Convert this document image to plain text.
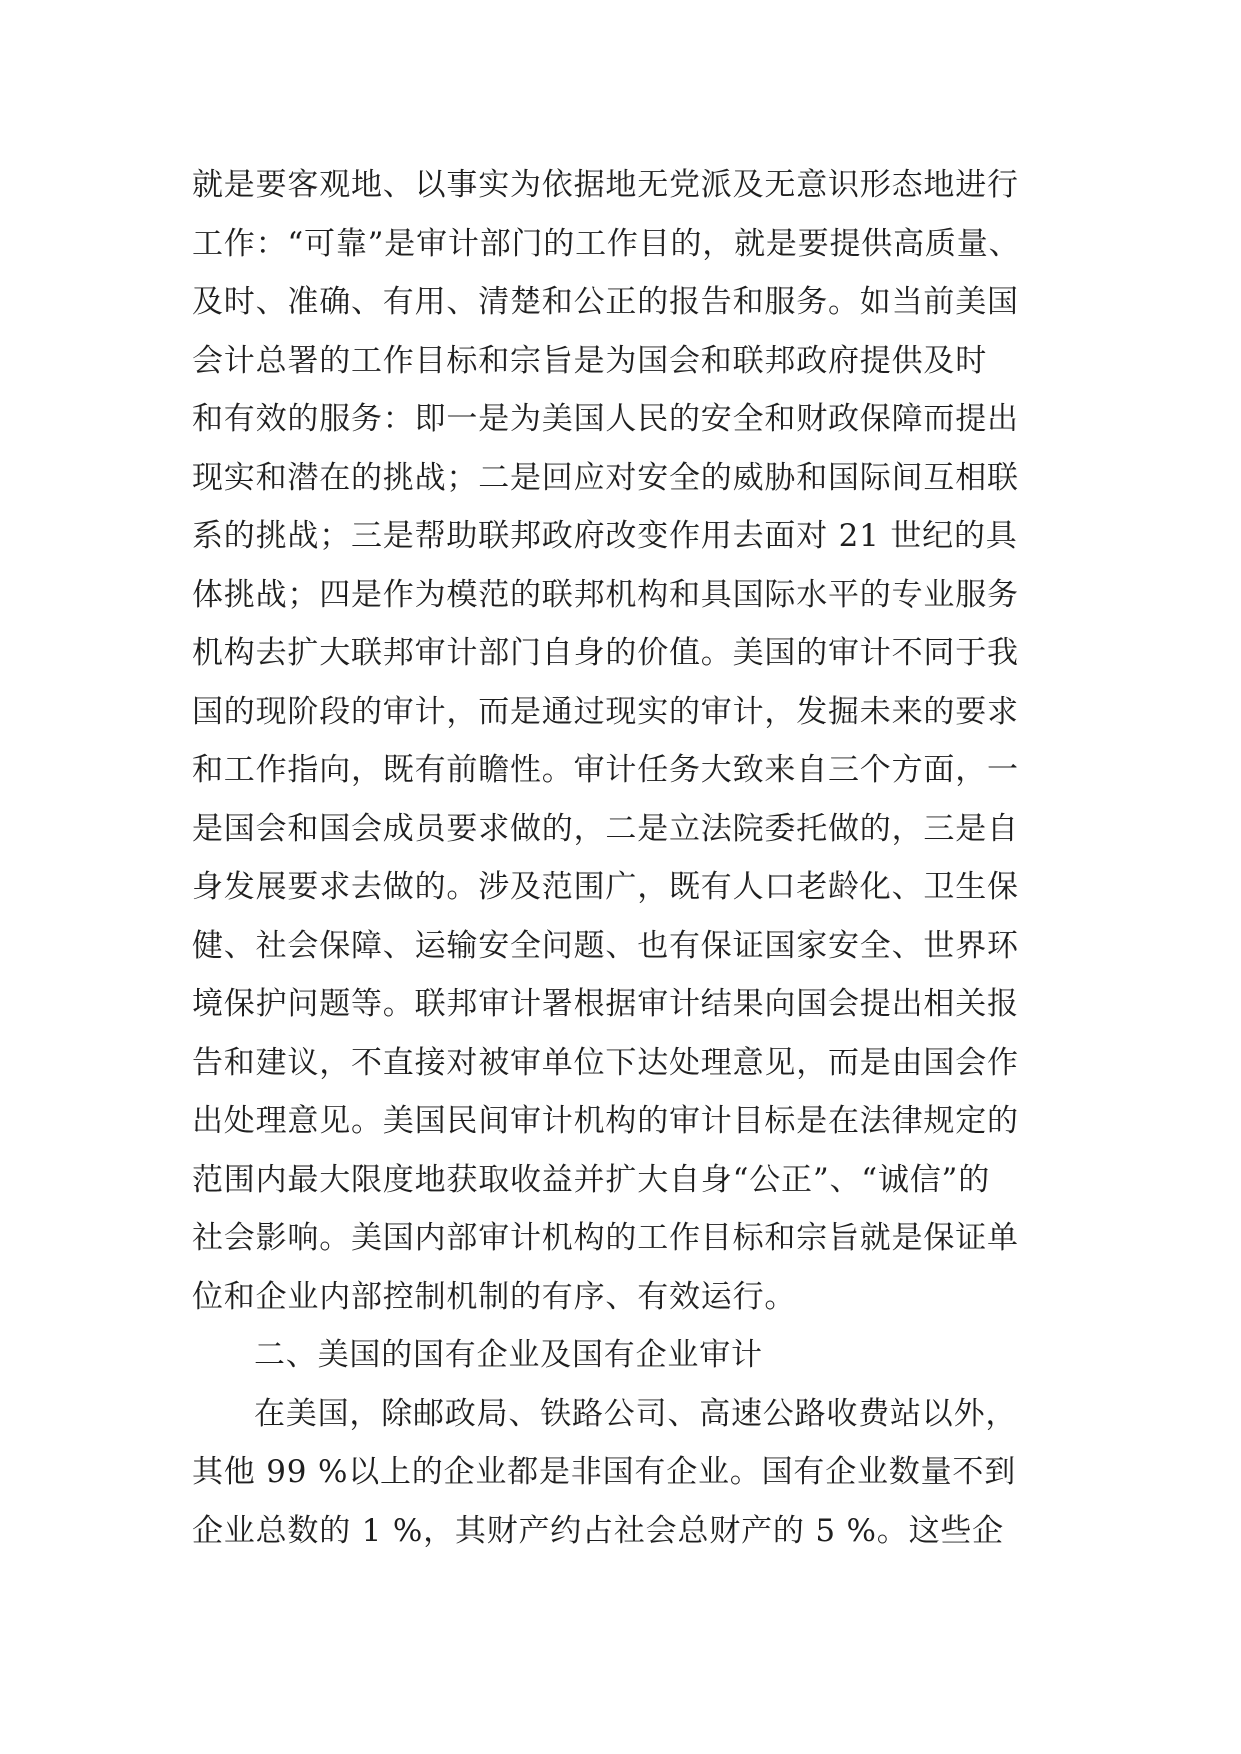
就是要客观地、以事实为依据地无党派及无意识形态地进行
工作：“可靠”是审计部门的工作目的，就是要提供高质量、
及时、准确、有用、清楚和公正的报告和服务。如当前美国
会计总署的工作目标和宗旨是为国会和联邦政府提供及时
和有效的服务：即一是为美国人民的安全和财政保障而提出
现实和潜在的挑战；二是回应对安全的威胁和国际间互相联
系的挑战；三是帮助联邦政府改变作用去面对 21 世纪的具
体挑战；四是作为模范的联邦机构和具国际水平的专业服务
机构去扩大联邦审计部门自身的价值。美国的审计不同于我
国的现阶段的审计，而是通过现实的审计，发掘未来的要求
和工作指向，既有前瞻性。审计任务大致来自三个方面，一
是国会和国会成员要求做的，二是立法院委托做的，三是自
身发展要求去做的。涉及范围广，既有人口老龄化、卫生保
健、社会保障、运输安全问题、也有保证国家安全、世界环
境保护问题等。联邦审计署根据审计结果向国会提出相关报
告和建议，不直接对被审单位下达处理意见，而是由国会作
出处理意见。美国民间审计机构的审计目标是在法律规定的
范围内最大限度地获取收益并扩大自身“公正”、“诚信”的
社会影响。美国内部审计机构的工作目标和宗旨就是保证单
位和企业内部控制机制的有序、有效运行。
二、美国的国有企业及国有企业审计
在美国，除邮政局、铁路公司、高速公路收费站以外，
其他 99 %以上的企业都是非国有企业。国有企业数量不到
企业总数的 1 %，其财产约占社会总财产的 5 %。这些企
